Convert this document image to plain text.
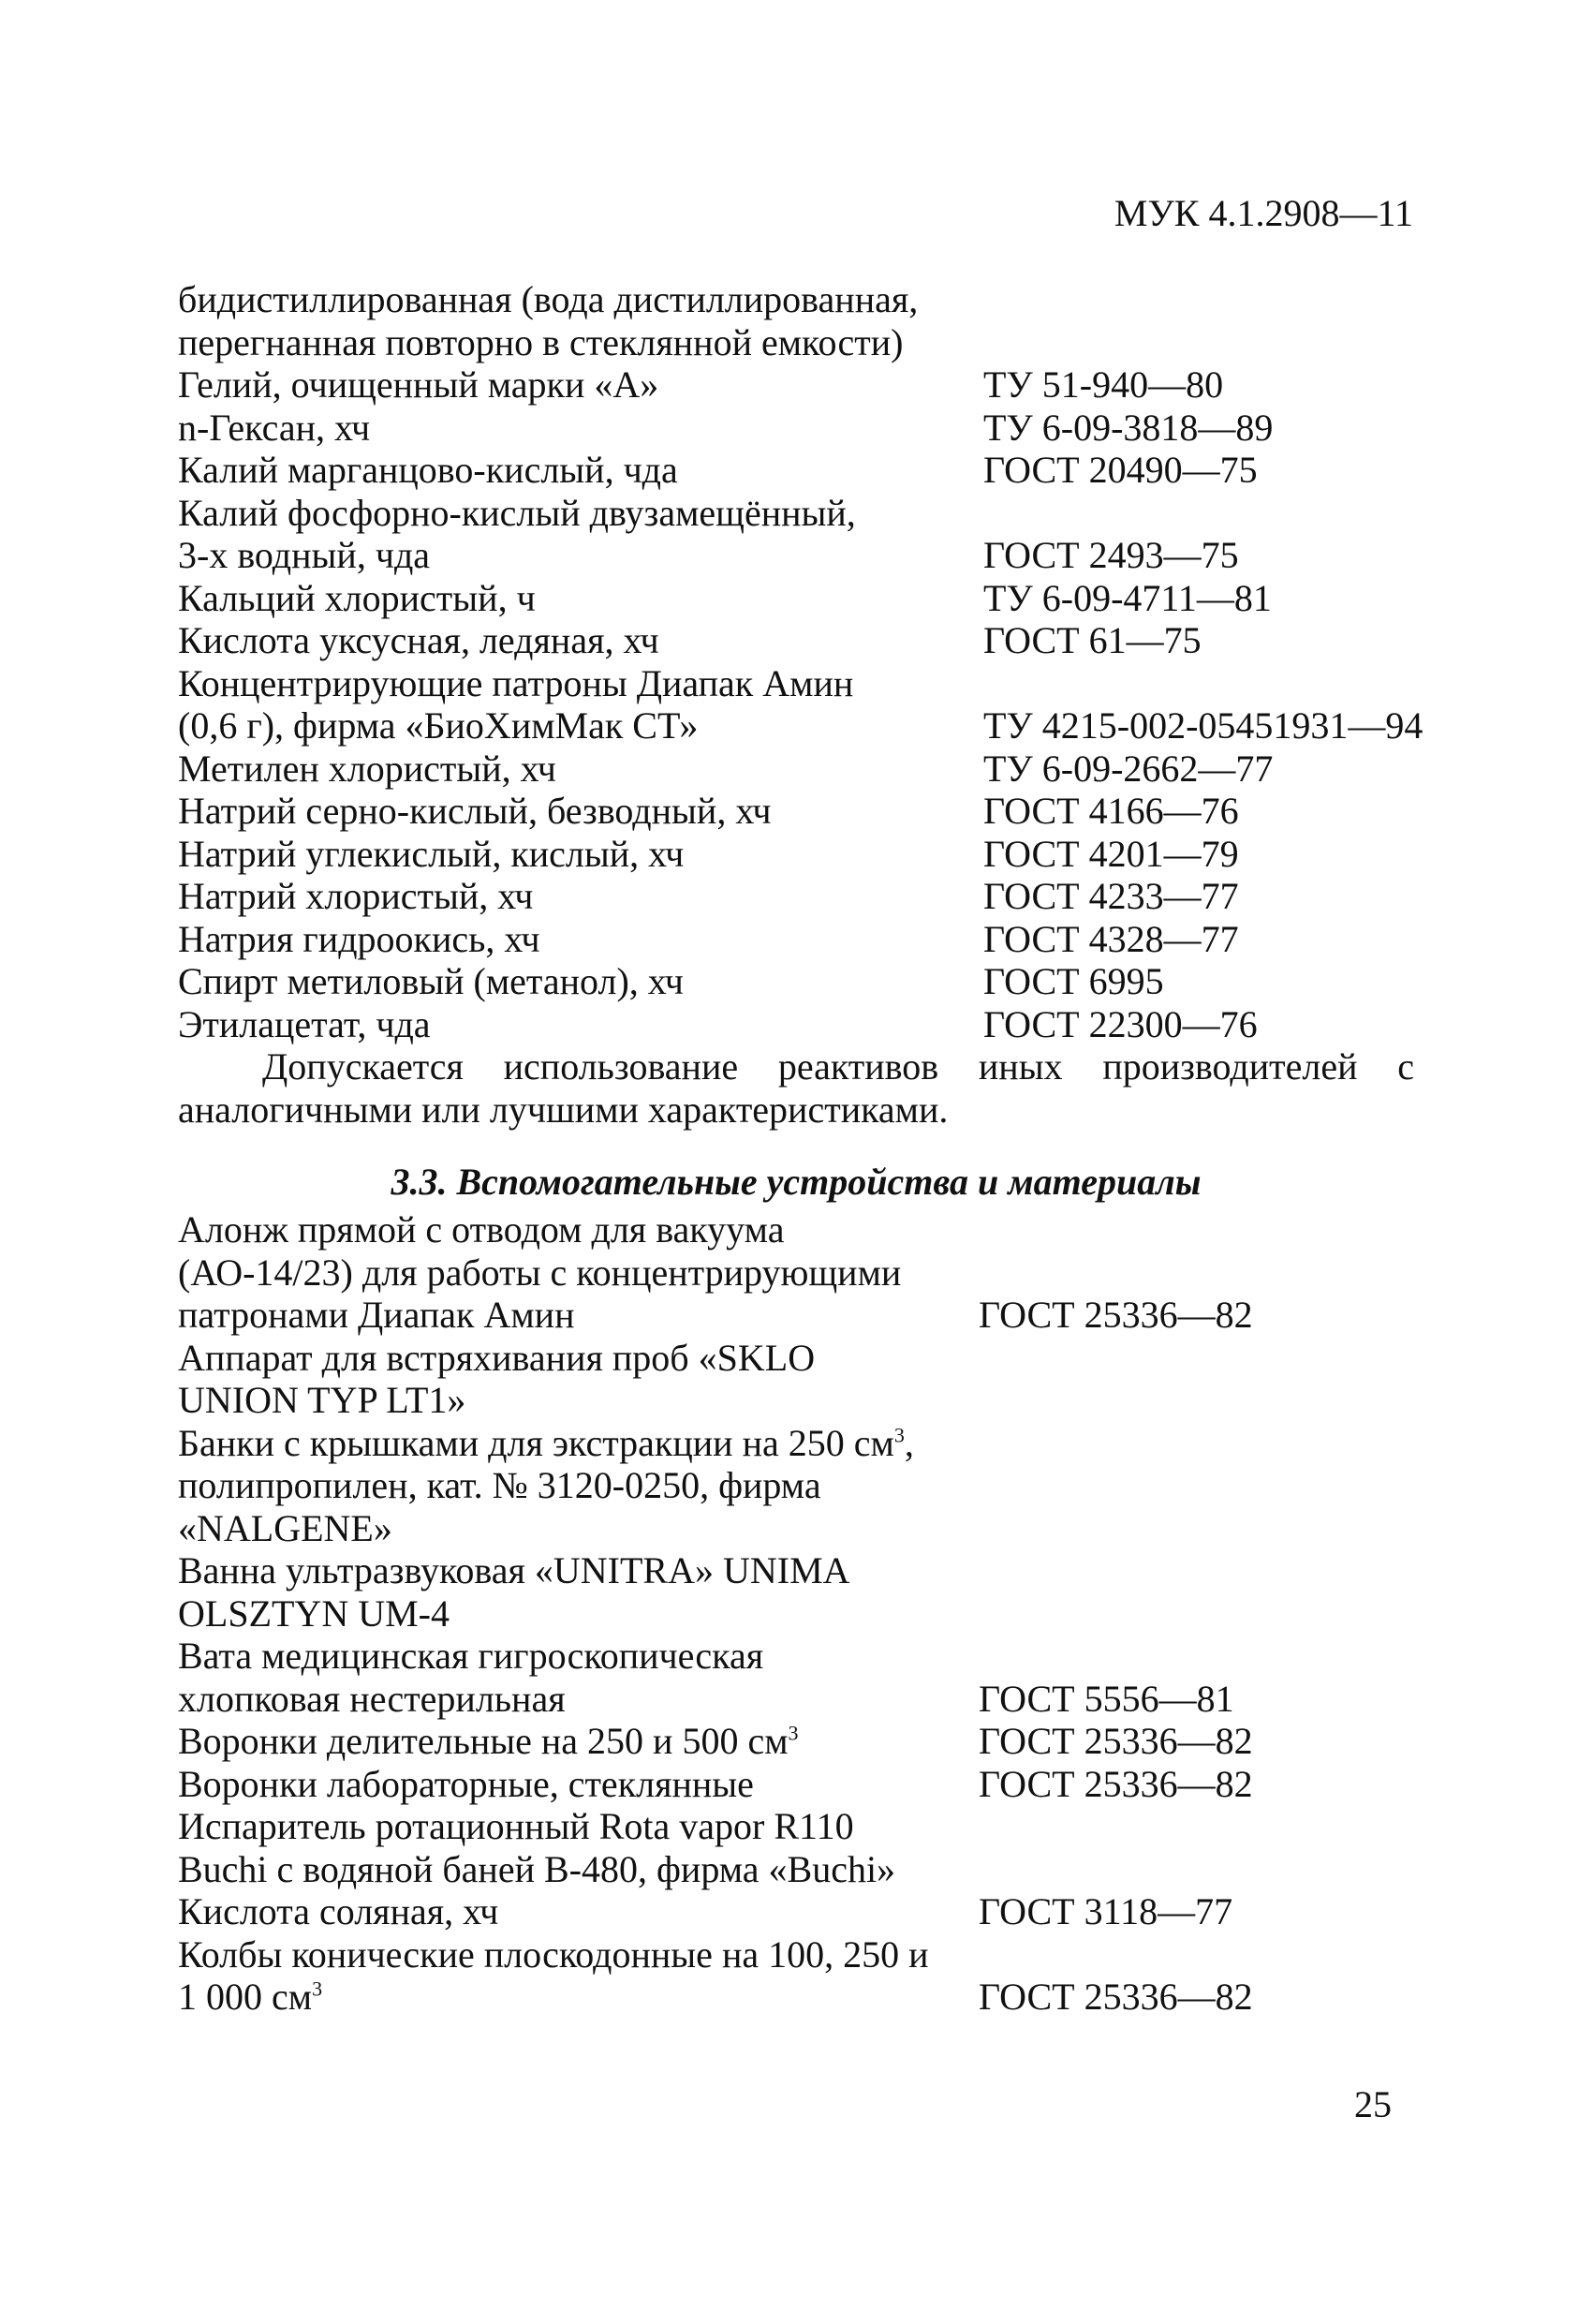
МУК 4.1.2908—11
бидистиллированная (вода дистиллированная,
перегнанная повторно в стеклянной емкости)
Гелий, очищенный марки «А»	ТУ 51-940—80
n-Гексан, хч	ТУ 6-09-3818—89
Калий марганцово-кислый, чда	ГОСТ 20490—75
Калий фосфорно-кислый двузамещённый,
3-х водный, чда	ГОСТ 2493—75
Кальций хлористый, ч	ТУ 6-09-4711—81
Кислота уксусная, ледяная, хч	ГОСТ 61—75
Концентрирующие патроны Диапак Амин
(0,6 г), фирма «БиоХимМак СТ»	ТУ 4215-002-05451931—94
Метилен хлористый, хч	ТУ 6-09-2662—77
Натрий серно-кислый, безводный, хч	ГОСТ 4166—76
Натрий углекислый, кислый, хч	ГОСТ 4201—79
Натрий хлористый, хч	ГОСТ 4233—77
Натрия гидроокись, хч	ГОСТ 4328—77
Спирт метиловый (метанол), хч	ГОСТ 6995
Этилацетат, чда	ГОСТ 22300—76
Допускается использование реактивов иных производителей с аналогичными или лучшими характеристиками.
3.3. Вспомогательные устройства и материалы
Алонж прямой с отводом для вакуума
(АО-14/23) для работы с концентрирующими
патронами Диапак Амин	ГОСТ 25336—82
Аппарат для встряхивания проб «SKLO
UNION TYP LT1»
Банки с крышками для экстракции на 250 $см^3$,
полипропилен, кат. № 3120-0250, фирма
«NALGENE»
Ванна ультразвуковая «UNITRA» UNIMA
OLSZTYN UM-4
Вата медицинская гигроскопическая
хлопковая нестерильная	ГОСТ 5556—81
Воронки делительные на 250 и 500 $см^3$	ГОСТ 25336—82
Воронки лабораторные, стеклянные	ГОСТ 25336—82
Испаритель ротационный Rota vapor R110
Buchi с водяной баней В-480, фирма «Buchi»
Кислота соляная, хч	ГОСТ 3118—77
Колбы конические плоскодонные на 100, 250 и
1 000 $см^3$	ГОСТ 25336—82
25
